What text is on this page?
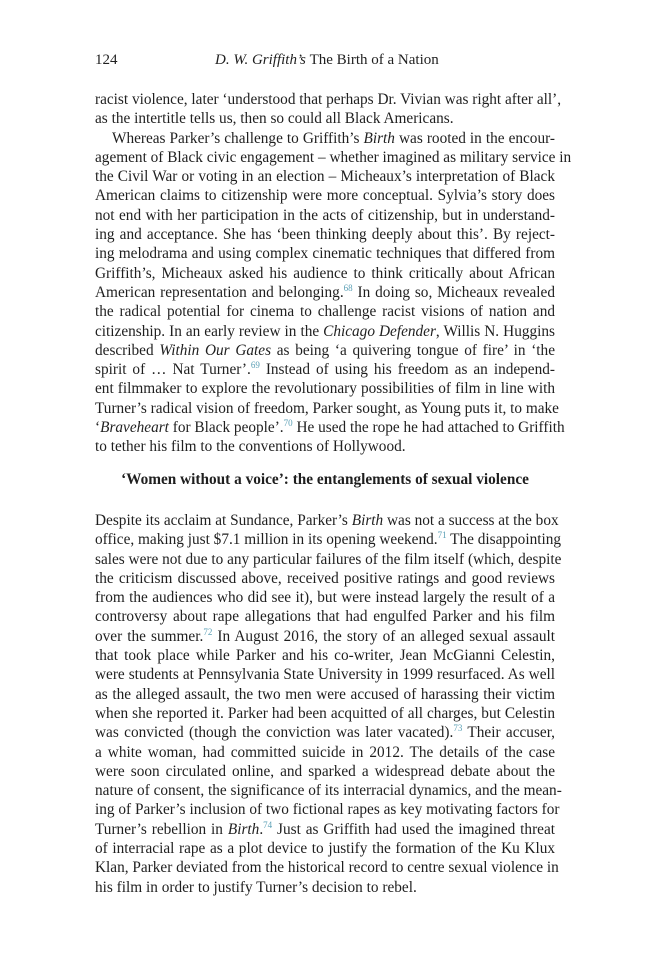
124	D. W. Griffith’s The Birth of a Nation

racist violence, later ‘understood that perhaps Dr. Vivian was right after all’,
as the intertitle tells us, then so could all Black Americans.

Whereas Parker’s challenge to Griffith’s Birth was rooted in the encour-
agement of Black civic engagement – whether imagined as military service in
the Civil War or voting in an election – Micheaux’s interpretation of Black
American claims to citizenship were more conceptual. Sylvia’s story does
not end with her participation in the acts of citizenship, but in understand-
ing and acceptance. She has ‘been thinking deeply about this’. By reject-
ing melodrama and using complex cinematic techniques that differed from
Griffith’s, Micheaux asked his audience to think critically about African
American representation and belonging.$^{68}$ In doing so, Micheaux revealed
the radical potential for cinema to challenge racist visions of nation and
citizenship. In an early review in the Chicago Defender, Willis N. Huggins
described Within Our Gates as being ‘a quivering tongue of fire’ in ‘the
spirit of … Nat Turner’.$^{69}$ Instead of using his freedom as an independ-
ent filmmaker to explore the revolutionary possibilities of film in line with
Turner’s radical vision of freedom, Parker sought, as Young puts it, to make
‘Braveheart for Black people’.$^{70}$ He used the rope he had attached to Griffith
to tether his film to the conventions of Hollywood.

‘Women without a voice’: the entanglements of sexual violence

Despite its acclaim at Sundance, Parker’s Birth was not a success at the box
office, making just $7.1 million in its opening weekend.$^{71}$ The disappointing
sales were not due to any particular failures of the film itself (which, despite
the criticism discussed above, received positive ratings and good reviews
from the audiences who did see it), but were instead largely the result of a
controversy about rape allegations that had engulfed Parker and his film
over the summer.$^{72}$ In August 2016, the story of an alleged sexual assault
that took place while Parker and his co-writer, Jean McGianni Celestin,
were students at Pennsylvania State University in 1999 resurfaced. As well
as the alleged assault, the two men were accused of harassing their victim
when she reported it. Parker had been acquitted of all charges, but Celestin
was convicted (though the conviction was later vacated).$^{73}$ Their accuser,
a white woman, had committed suicide in 2012. The details of the case
were soon circulated online, and sparked a widespread debate about the
nature of consent, the significance of its interracial dynamics, and the mean-
ing of Parker’s inclusion of two fictional rapes as key motivating factors for
Turner’s rebellion in Birth.$^{74}$ Just as Griffith had used the imagined threat
of interracial rape as a plot device to justify the formation of the Ku Klux
Klan, Parker deviated from the historical record to centre sexual violence in
his film in order to justify Turner’s decision to rebel.
